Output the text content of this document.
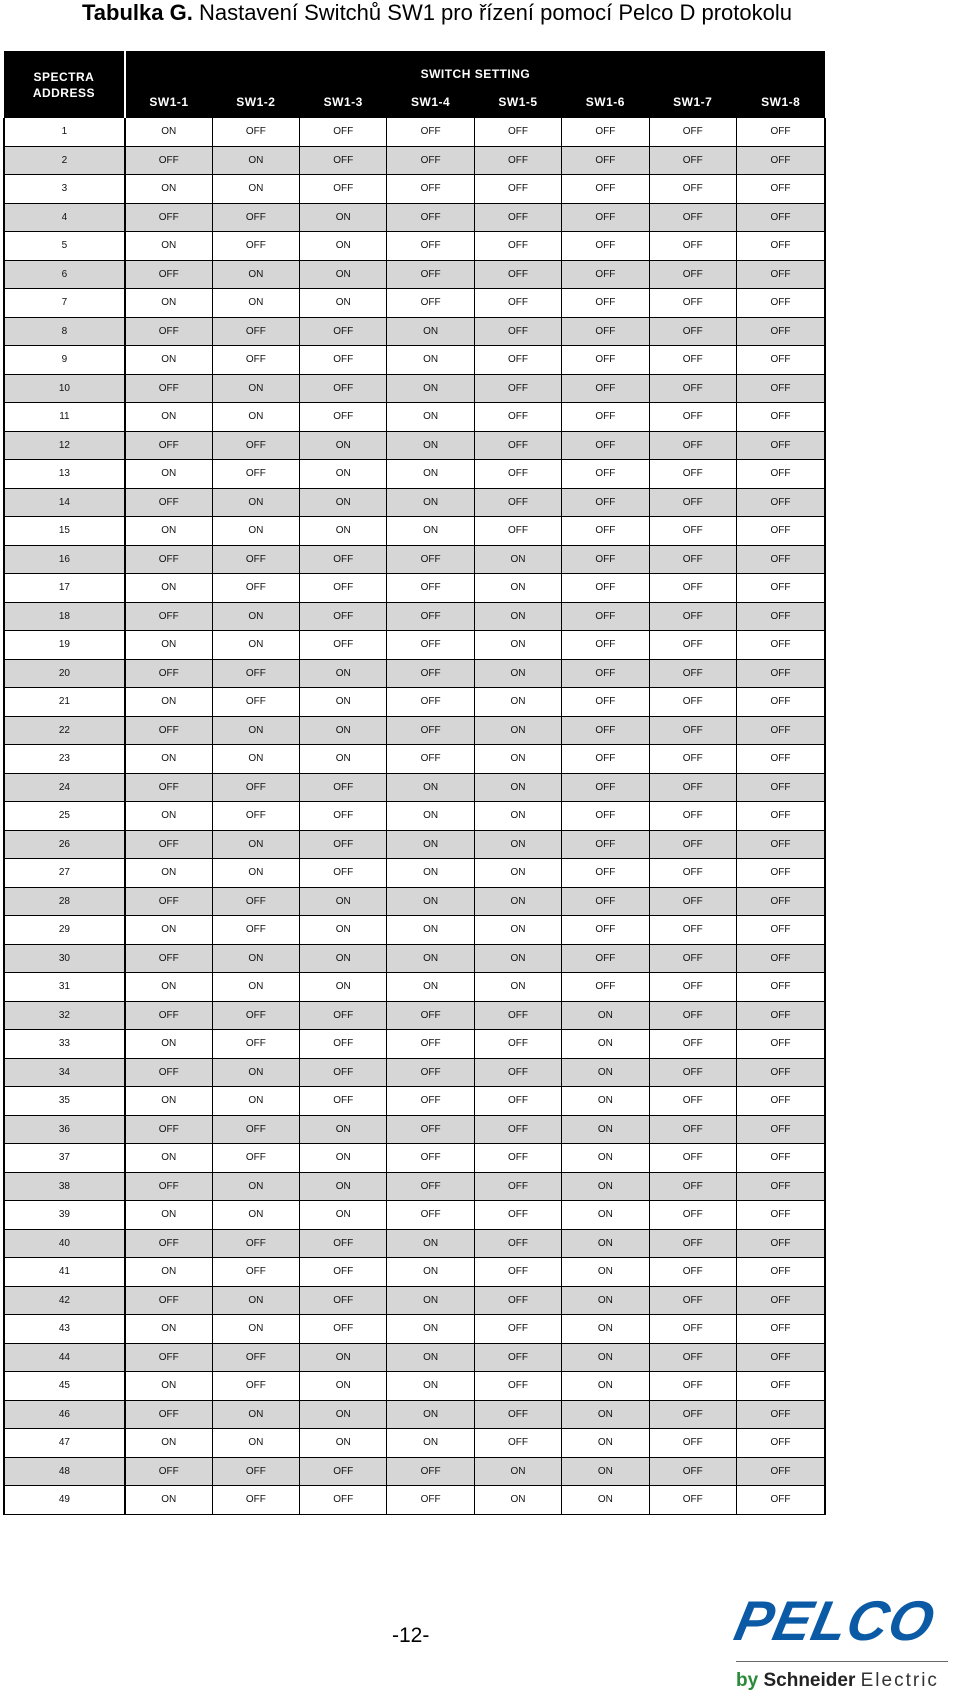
Tabulka G. Nastavení Switchů SW1 pro řízení pomocí Pelco D protokolu
SPECTRA ADDRESS	SWITCH SETTING							
	SW1-1	SW1-2	SW1-3	SW1-4	SW1-5	SW1-6	SW1-7	SW1-8
1	ON	OFF	OFF	OFF	OFF	OFF	OFF	OFF
2	OFF	ON	OFF	OFF	OFF	OFF	OFF	OFF
3	ON	ON	OFF	OFF	OFF	OFF	OFF	OFF
4	OFF	OFF	ON	OFF	OFF	OFF	OFF	OFF
5	ON	OFF	ON	OFF	OFF	OFF	OFF	OFF
6	OFF	ON	ON	OFF	OFF	OFF	OFF	OFF
7	ON	ON	ON	OFF	OFF	OFF	OFF	OFF
8	OFF	OFF	OFF	ON	OFF	OFF	OFF	OFF
9	ON	OFF	OFF	ON	OFF	OFF	OFF	OFF
10	OFF	ON	OFF	ON	OFF	OFF	OFF	OFF
11	ON	ON	OFF	ON	OFF	OFF	OFF	OFF
12	OFF	OFF	ON	ON	OFF	OFF	OFF	OFF
13	ON	OFF	ON	ON	OFF	OFF	OFF	OFF
14	OFF	ON	ON	ON	OFF	OFF	OFF	OFF
15	ON	ON	ON	ON	OFF	OFF	OFF	OFF
16	OFF	OFF	OFF	OFF	ON	OFF	OFF	OFF
17	ON	OFF	OFF	OFF	ON	OFF	OFF	OFF
18	OFF	ON	OFF	OFF	ON	OFF	OFF	OFF
19	ON	ON	OFF	OFF	ON	OFF	OFF	OFF
20	OFF	OFF	ON	OFF	ON	OFF	OFF	OFF
21	ON	OFF	ON	OFF	ON	OFF	OFF	OFF
22	OFF	ON	ON	OFF	ON	OFF	OFF	OFF
23	ON	ON	ON	OFF	ON	OFF	OFF	OFF
24	OFF	OFF	OFF	ON	ON	OFF	OFF	OFF
25	ON	OFF	OFF	ON	ON	OFF	OFF	OFF
26	OFF	ON	OFF	ON	ON	OFF	OFF	OFF
27	ON	ON	OFF	ON	ON	OFF	OFF	OFF
28	OFF	OFF	ON	ON	ON	OFF	OFF	OFF
29	ON	OFF	ON	ON	ON	OFF	OFF	OFF
30	OFF	ON	ON	ON	ON	OFF	OFF	OFF
31	ON	ON	ON	ON	ON	OFF	OFF	OFF
32	OFF	OFF	OFF	OFF	OFF	ON	OFF	OFF
33	ON	OFF	OFF	OFF	OFF	ON	OFF	OFF
34	OFF	ON	OFF	OFF	OFF	ON	OFF	OFF
35	ON	ON	OFF	OFF	OFF	ON	OFF	OFF
36	OFF	OFF	ON	OFF	OFF	ON	OFF	OFF
37	ON	OFF	ON	OFF	OFF	ON	OFF	OFF
38	OFF	ON	ON	OFF	OFF	ON	OFF	OFF
39	ON	ON	ON	OFF	OFF	ON	OFF	OFF
40	OFF	OFF	OFF	ON	OFF	ON	OFF	OFF
41	ON	OFF	OFF	ON	OFF	ON	OFF	OFF
42	OFF	ON	OFF	ON	OFF	ON	OFF	OFF
43	ON	ON	OFF	ON	OFF	ON	OFF	OFF
44	OFF	OFF	ON	ON	OFF	ON	OFF	OFF
45	ON	OFF	ON	ON	OFF	ON	OFF	OFF
46	OFF	ON	ON	ON	OFF	ON	OFF	OFF
47	ON	ON	ON	ON	OFF	ON	OFF	OFF
48	OFF	OFF	OFF	OFF	ON	ON	OFF	OFF
49	ON	OFF	OFF	OFF	ON	ON	OFF	OFF
-12-	PELCO
by Schneider Electric
